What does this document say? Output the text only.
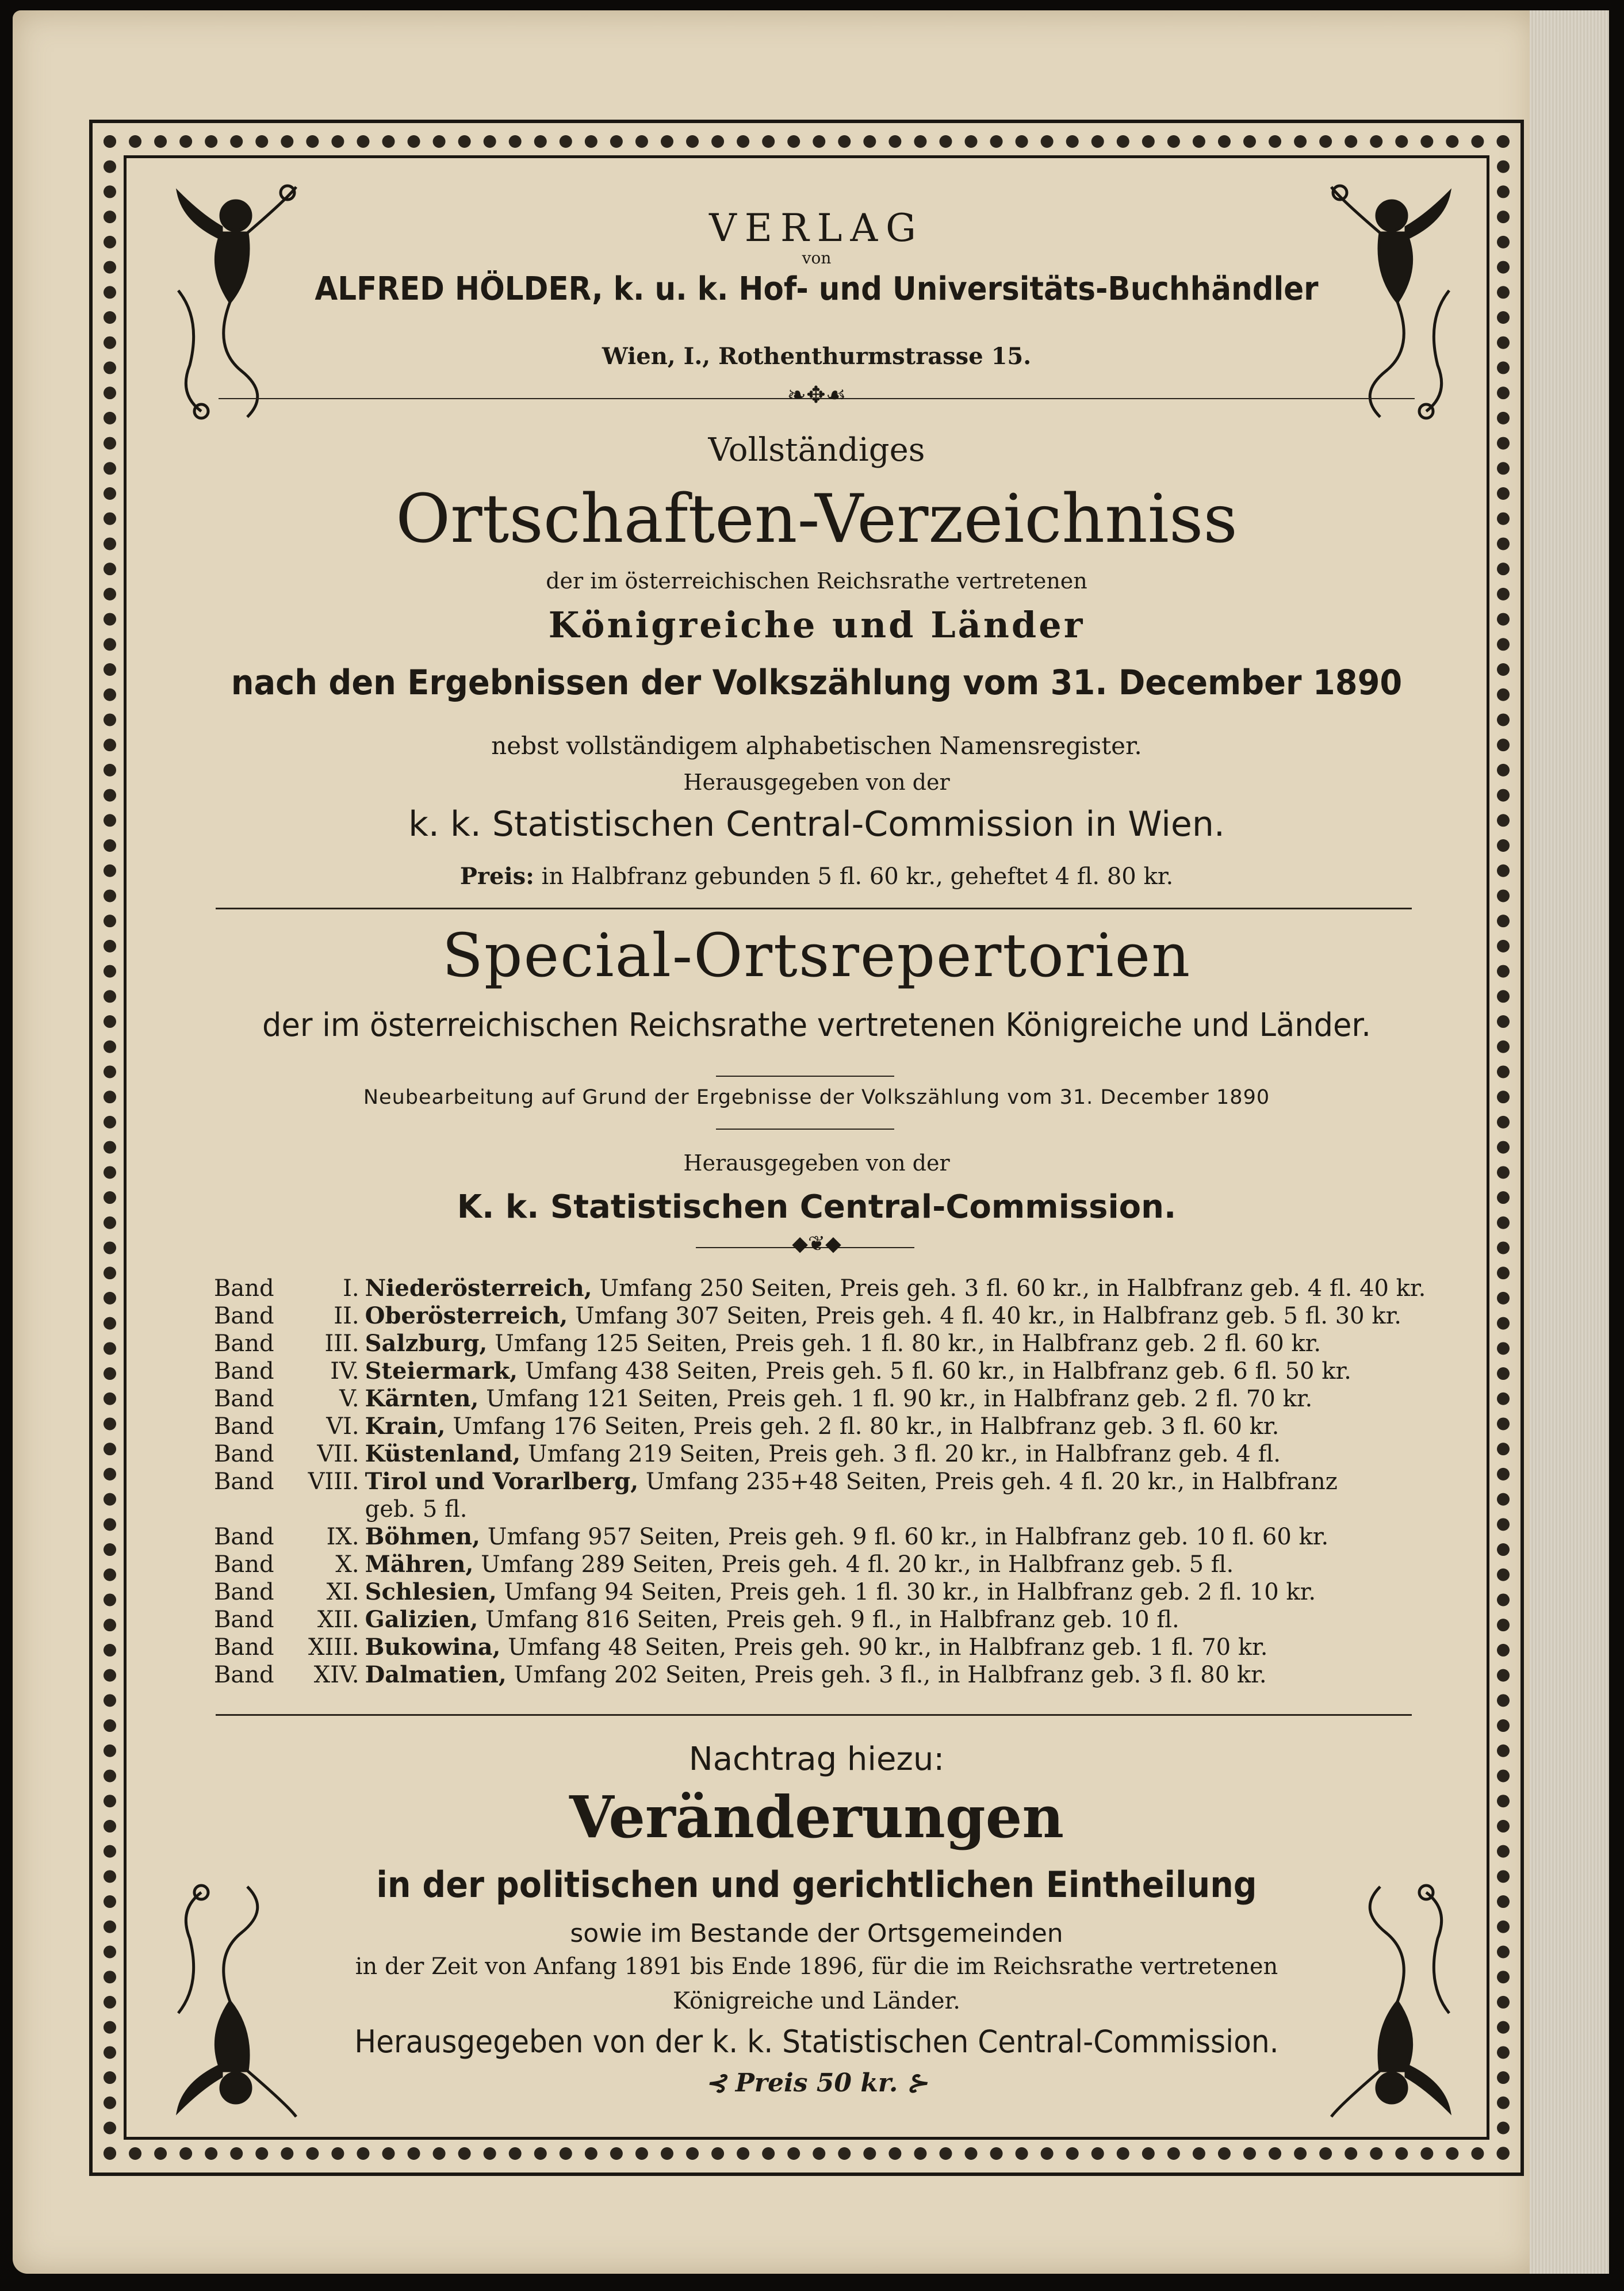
VERLAG

von

ALFRED HÖLDER, k. u. k. Hof- und Universitäts-Buchhändler

Wien, I., Rothenthurmstrasse 15.

❧✥☙

Vollständiges

Ortschaften-Verzeichniss

der im österreichischen Reichsrathe vertretenen

Königreiche und Länder

nach den Ergebnissen der Volkszählung vom 31. December 1890

nebst vollständigem alphabetischen Namensregister.

Herausgegeben von der

k. k. Statistischen Central-Commission in Wien.

Preis: in Halbfranz gebunden 5 fl. 60 kr., geheftet 4 fl. 80 kr.

Special-Ortsrepertorien

der im österreichischen Reichsrathe vertretenen Königreiche und Länder.

Neubearbeitung auf Grund der Ergebnisse der Volkszählung vom 31. December 1890

Herausgegeben von der

K. k. Statistischen Central-Commission.

◆❦◆

Band	I.	Niederösterreich, Umfang 250 Seiten, Preis geh. 3 fl. 60 kr., in Halbfranz geb. 4 fl. 40 kr.
Band	II.	Oberösterreich, Umfang 307 Seiten, Preis geh. 4 fl. 40 kr., in Halbfranz geb. 5 fl. 30 kr.
Band	III.	Salzburg, Umfang 125 Seiten, Preis geh. 1 fl. 80 kr., in Halbfranz geb. 2 fl. 60 kr.
Band	IV.	Steiermark, Umfang 438 Seiten, Preis geh. 5 fl. 60 kr., in Halbfranz geb. 6 fl. 50 kr.
Band	V.	Kärnten, Umfang 121 Seiten, Preis geh. 1 fl. 90 kr., in Halbfranz geb. 2 fl. 70 kr.
Band	VI.	Krain, Umfang 176 Seiten, Preis geh. 2 fl. 80 kr., in Halbfranz geb. 3 fl. 60 kr.
Band	VII.	Küstenland, Umfang 219 Seiten, Preis geh. 3 fl. 20 kr., in Halbfranz geb. 4 fl.
Band	VIII.	Tirol und Vorarlberg, Umfang 235+48 Seiten, Preis geh. 4 fl. 20 kr., in Halbfranz
		geb. 5 fl.
Band	IX.	Böhmen, Umfang 957 Seiten, Preis geh. 9 fl. 60 kr., in Halbfranz geb. 10 fl. 60 kr.
Band	X.	Mähren, Umfang 289 Seiten, Preis geh. 4 fl. 20 kr., in Halbfranz geb. 5 fl.
Band	XI.	Schlesien, Umfang 94 Seiten, Preis geh. 1 fl. 30 kr., in Halbfranz geb. 2 fl. 10 kr.
Band	XII.	Galizien, Umfang 816 Seiten, Preis geh. 9 fl., in Halbfranz geb. 10 fl.
Band	XIII.	Bukowina, Umfang 48 Seiten, Preis geh. 90 kr., in Halbfranz geb. 1 fl. 70 kr.
Band	XIV.	Dalmatien, Umfang 202 Seiten, Preis geh. 3 fl., in Halbfranz geb. 3 fl. 80 kr.

Nachtrag hiezu:

Veränderungen

in der politischen und gerichtlichen Eintheilung

sowie im Bestande der Ortsgemeinden

in der Zeit von Anfang 1891 bis Ende 1896, für die im Reichsrathe vertretenen

Königreiche und Länder.

Herausgegeben von der k. k. Statistischen Central-Commission.

⊰ Preis 50 kr. ⊱
